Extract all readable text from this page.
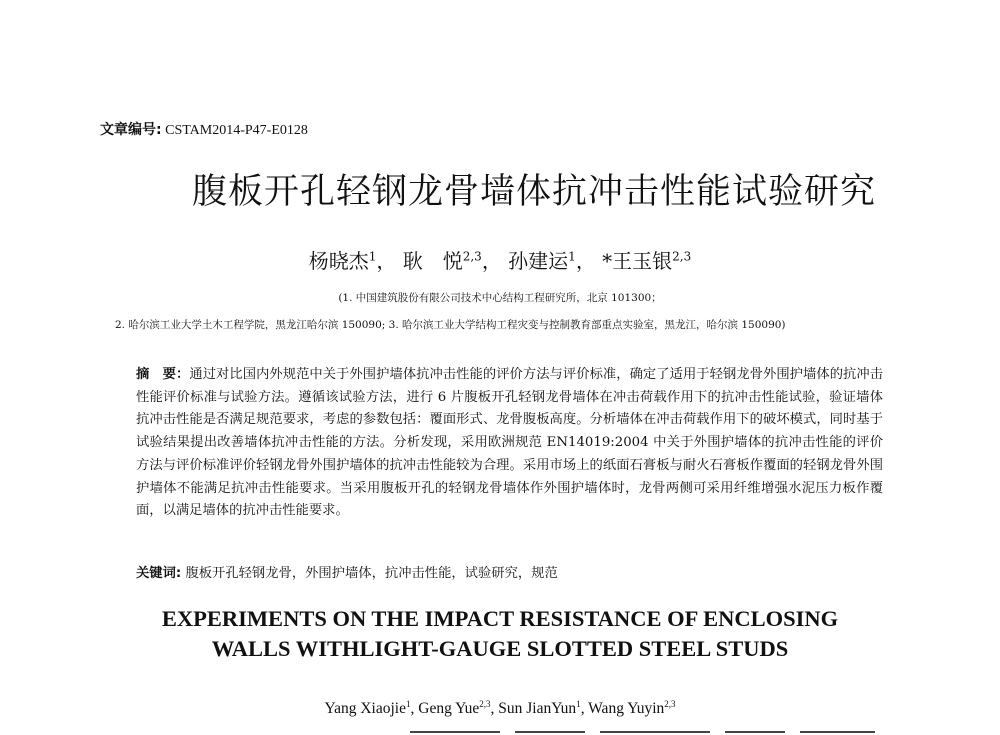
文章编号: CSTAM2014-P47-E0128
腹板开孔轻钢龙骨墙体抗冲击性能试验研究
杨晓杰$^1$， 耿　悦$^{2,3}$， 孙建运$^1$， *王玉银$^{2,3}$
(1. 中国建筑股份有限公司技术中心结构工程研究所，北京 101300；
2. 哈尔滨工业大学土木工程学院，黑龙江哈尔滨 150090; 3. 哈尔滨工业大学结构工程灾变与控制教育部重点实验室，黑龙江，哈尔滨 150090)
摘　要：通过对比国内外规范中关于外围护墙体抗冲击性能的评价方法与评价标准，确定了适用于轻钢龙骨外围护墙体的抗冲击性能评价标准与试验方法。遵循该试验方法，进行 6 片腹板开孔轻钢龙骨墙体在冲击荷载作用下的抗冲击性能试验，验证墙体抗冲击性能是否满足规范要求，考虑的参数包括：覆面形式、龙骨腹板高度。分析墙体在冲击荷载作用下的破坏模式，同时基于试验结果提出改善墙体抗冲击性能的方法。分析发现，采用欧洲规范 EN14019:2004 中关于外围护墙体的抗冲击性能的评价方法与评价标准评价轻钢龙骨外围护墙体的抗冲击性能较为合理。采用市场上的纸面石膏板与耐火石膏板作覆面的轻钢龙骨外围护墙体不能满足抗冲击性能要求。当采用腹板开孔的轻钢龙骨墙体作外围护墙体时，龙骨两侧可采用纤维增强水泥压力板作覆面，以满足墙体的抗冲击性能要求。
关键词: 腹板开孔轻钢龙骨，外围护墙体，抗冲击性能，试验研究，规范
EXPERIMENTS ON THE IMPACT RESISTANCE OF ENCLOSING
WALLS WITHLIGHT-GAUGE SLOTTED STEEL STUDS
Yang Xiaojie$^1$, Geng Yue$^{2,3}$, Sun JianYun$^1$, Wang Yuyin$^{2,3}$
